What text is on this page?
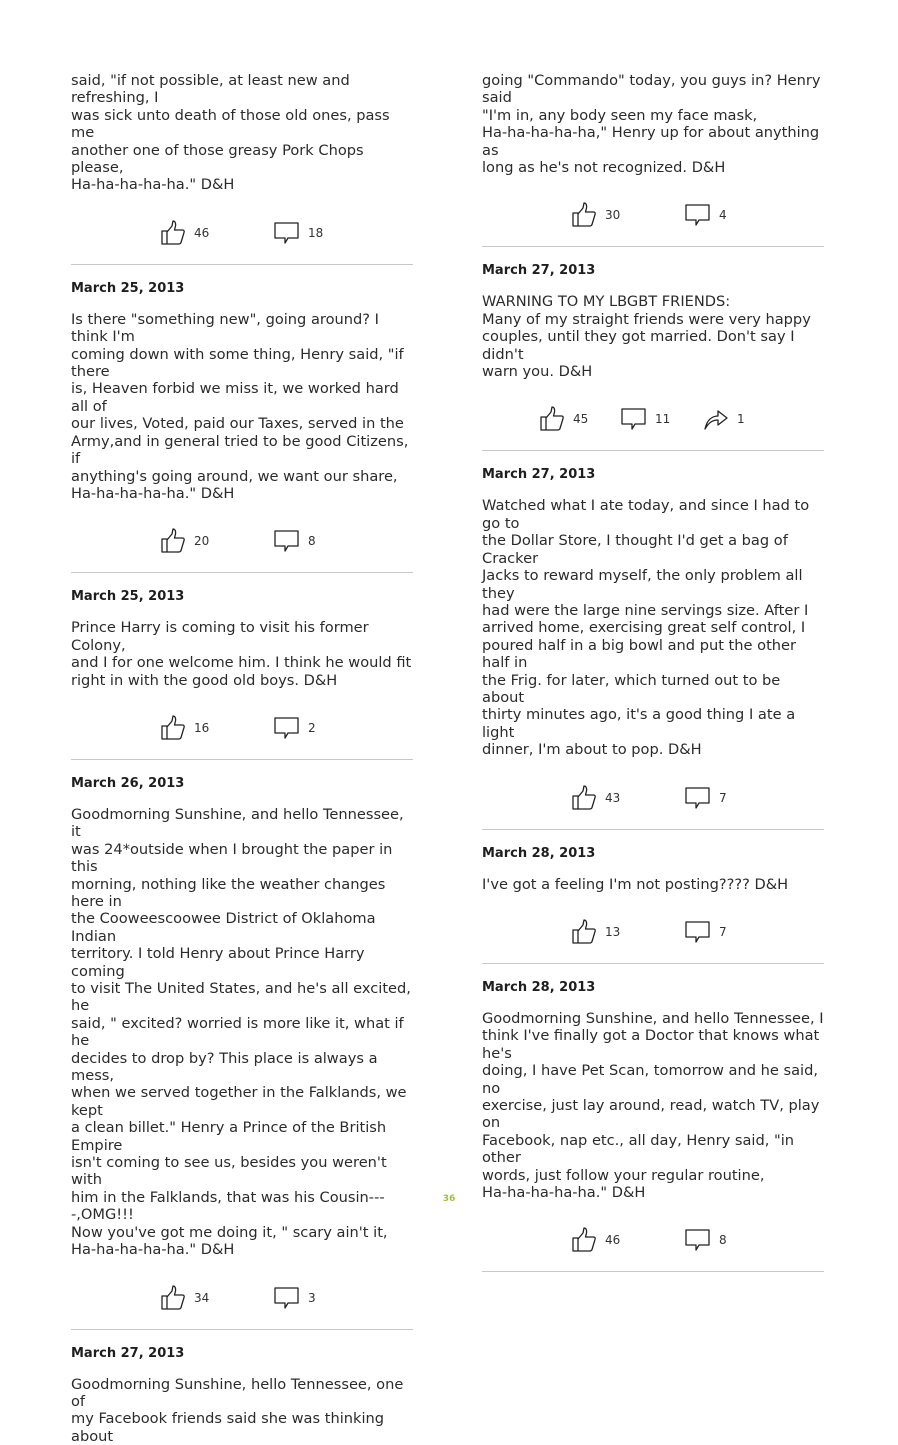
said, "if not possible, at least new and refreshing, I
was sick unto death of those old ones, pass me
another one of those greasy Pork Chops please,
Ha-ha-ha-ha-ha." D&H

46	18

March 25, 2013

Is there "something new", going around? I think I'm
coming down with some thing, Henry said, "if there
is, Heaven forbid we miss it, we worked hard all of
our lives, Voted, paid our Taxes, served in the
Army,and in general tried to be good Citizens, if
anything's going around, we want our share,
Ha-ha-ha-ha-ha." D&H

20	8

March 25, 2013

Prince Harry is coming to visit his former Colony,
and I for one welcome him. I think he would fit
right in with the good old boys. D&H

16	2

March 26, 2013

Goodmorning Sunshine, and hello Tennessee, it
was 24*outside when I brought the paper in this
morning, nothing like the weather changes here in
the Cooweescoowee District of Oklahoma Indian
territory. I told Henry about Prince Harry coming
to visit The United States, and he's all excited, he
said, " excited? worried is more like it, what if he
decides to drop by? This place is always a mess,
when we served together in the Falklands, we kept
a clean billet." Henry a Prince of the British Empire
isn't coming to see us, besides you weren't with
him in the Falklands, that was his Cousin----,OMG!!!
Now you've got me doing it, " scary ain't it,
Ha-ha-ha-ha-ha." D&H

34	3

March 27, 2013

Goodmorning Sunshine, hello Tennessee, one of
my Facebook friends said she was thinking about

going "Commando" today, you guys in? Henry said
"I'm in, any body seen my face mask,
Ha-ha-ha-ha-ha," Henry up for about anything as
long as he's not recognized. D&H

30	4

March 27, 2013

WARNING TO MY LBGBT FRIENDS:
Many of my straight friends were very happy
couples, until they got married. Don't say I didn't
warn you. D&H

45	11	1

March 27, 2013

Watched what I ate today, and since I had to go to
the Dollar Store, I thought I'd get a bag of Cracker
Jacks to reward myself, the only problem all they
had were the large nine servings size. After I
arrived home, exercising great self control, I
poured half in a big bowl and put the other half in
the Frig. for later, which turned out to be about
thirty minutes ago, it's a good thing I ate a light
dinner, I'm about to pop. D&H

43	7

March 28, 2013

I've got a feeling I'm not posting???? D&H

13	7

March 28, 2013

Goodmorning Sunshine, and hello Tennessee, I
think I've finally got a Doctor that knows what he's
doing, I have Pet Scan, tomorrow and he said, no
exercise, just lay around, read, watch TV, play on
Facebook, nap etc., all day, Henry said, "in other
words, just follow your regular routine,
Ha-ha-ha-ha-ha." D&H

46	8
36
